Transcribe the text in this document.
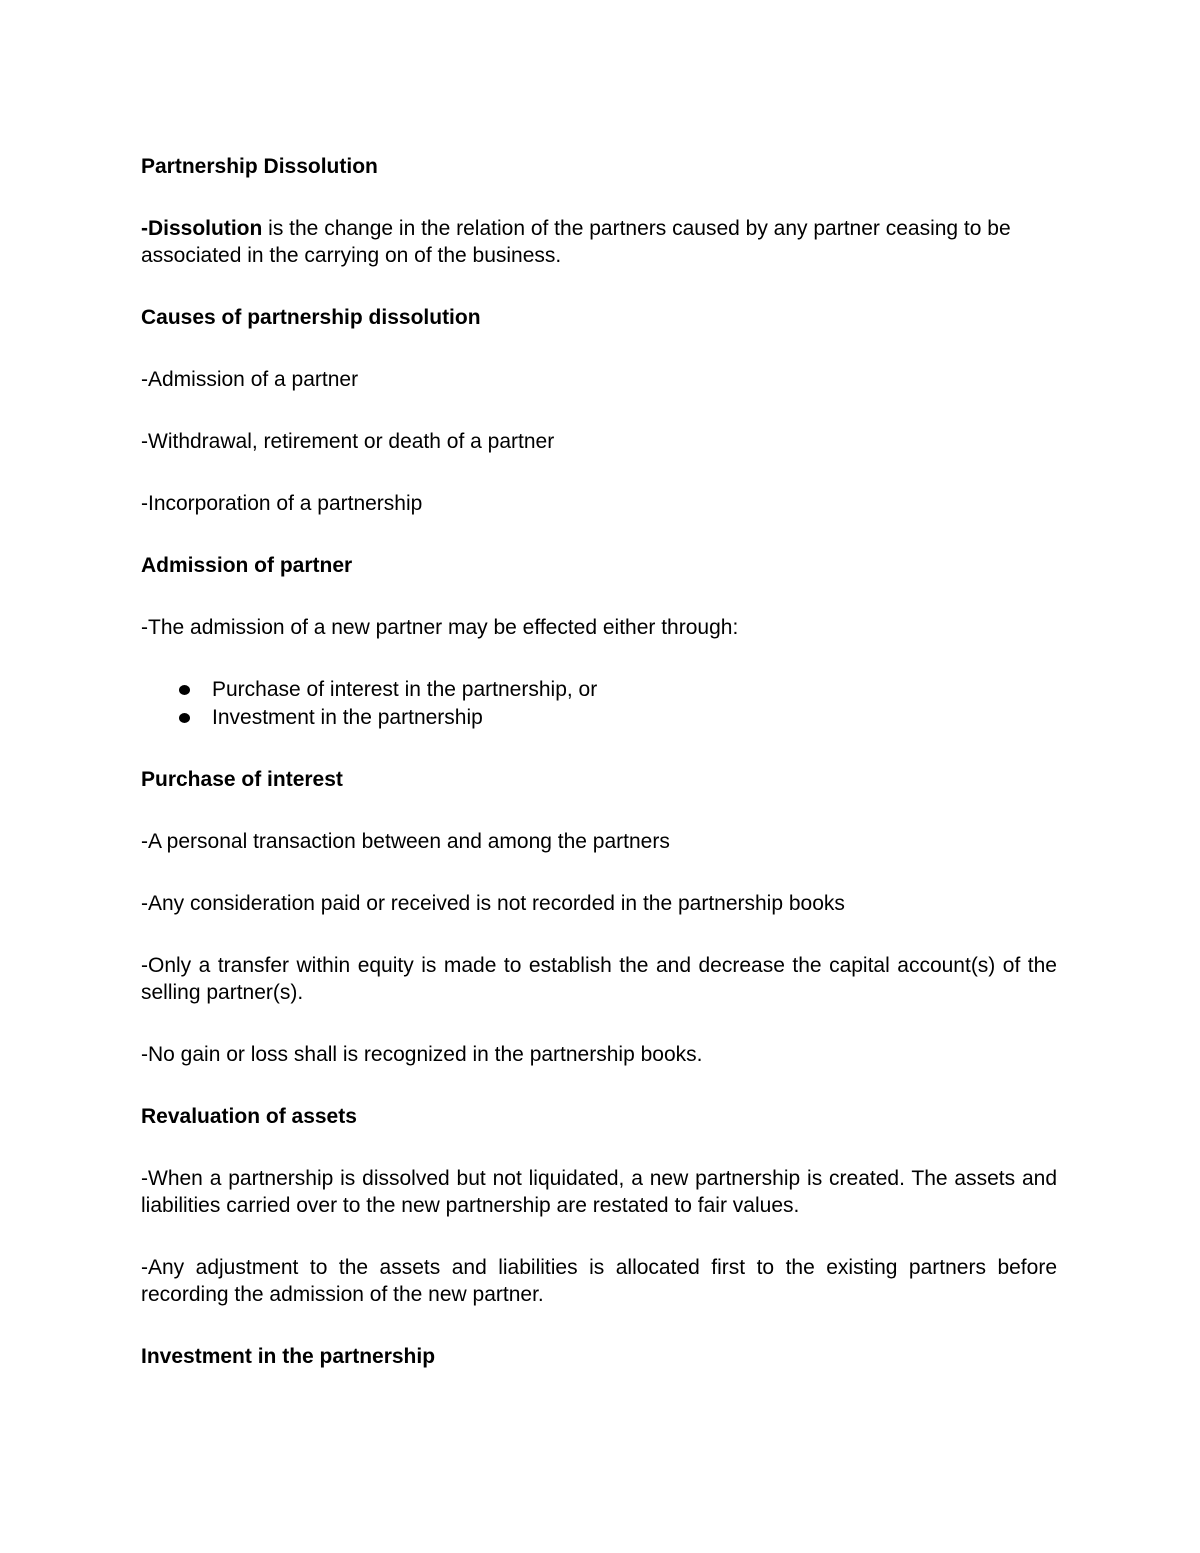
Partnership Dissolution
-Dissolution is the change in the relation of the partners caused by any partner ceasing to be associated in the carrying on of the business.
Causes of partnership dissolution
-Admission of a partner
-Withdrawal, retirement or death of a partner
-Incorporation of a partnership
Admission of partner
-The admission of a new partner may be effected either through:
Purchase of interest in the partnership, or
Investment in the partnership
Purchase of interest
-A personal transaction between and among the partners
-Any consideration paid or received is not recorded in the partnership books
-Only a transfer within equity is made to establish the and decrease the capital account(s) of the selling partner(s).
-No gain or loss shall is recognized in the partnership books.
Revaluation of assets
-When a partnership is dissolved but not liquidated, a new partnership is created. The assets and liabilities carried over to the new partnership are restated to fair values.
-Any adjustment to the assets and liabilities is allocated first to the existing partners before recording the admission of the new partner.
Investment in the partnership
